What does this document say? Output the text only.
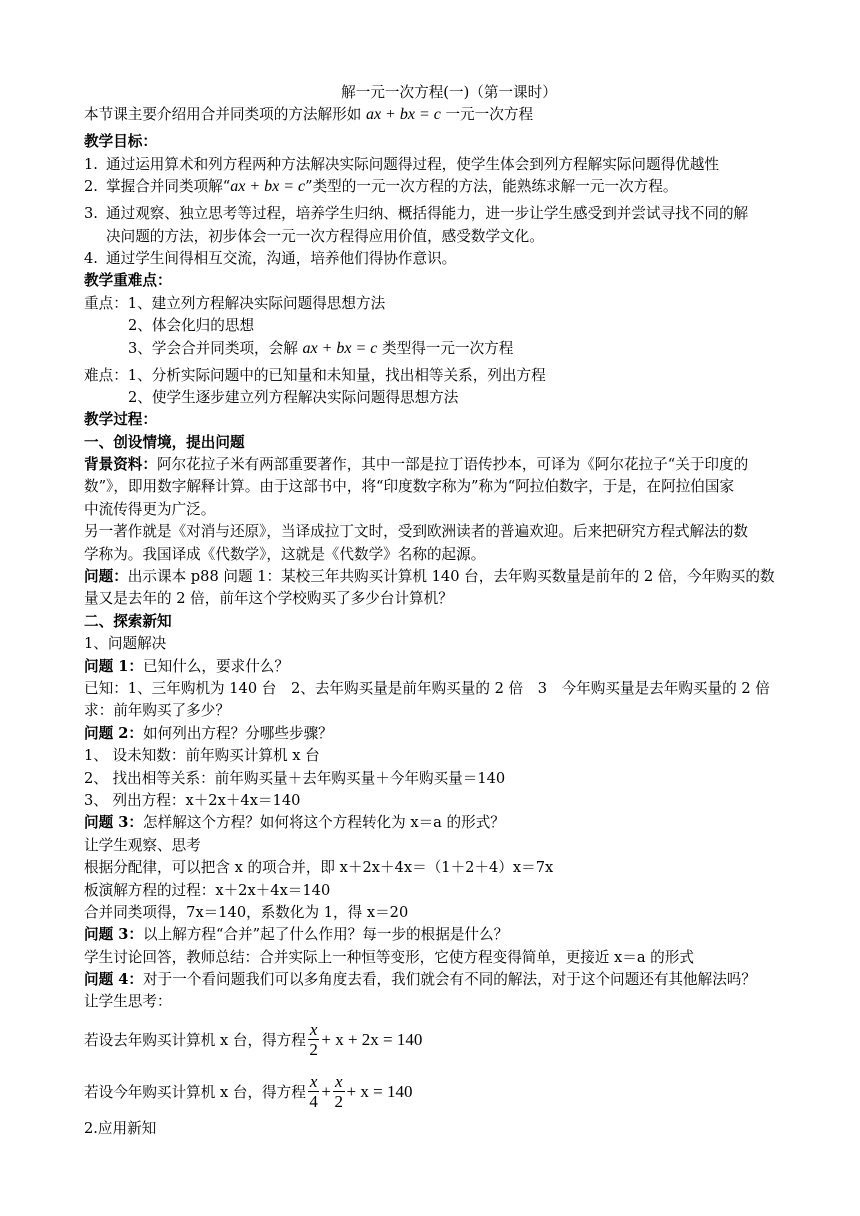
解一元一次方程(一)（第一课时）
本节课主要介绍用合并同类项的方法解形如 ax + bx = c 一元一次方程
教学目标：
1. 通过运用算术和列方程两种方法解决实际问题得过程，使学生体会到列方程解实际问题得优越性
2. 掌握合并同类项解“ax + bx = c”类型的一元一次方程的方法，能熟练求解一元一次方程。
3. 通过观察、独立思考等过程，培养学生归纳、概括得能力，进一步让学生感受到并尝试寻找不同的解
决问题的方法，初步体会一元一次方程得应用价值，感受数学文化。
4. 通过学生间得相互交流，沟通，培养他们得协作意识。
教学重难点：
重点：1、建立列方程解决实际问题得思想方法
2、体会化归的思想
3、学会合并同类项，会解 ax + bx = c 类型得一元一次方程
难点：1、分析实际问题中的已知量和未知量，找出相等关系，列出方程
2、使学生逐步建立列方程解决实际问题得思想方法
教学过程：
一、创设情境，提出问题
背景资料：阿尔花拉子米有两部重要著作，其中一部是拉丁语传抄本，可译为《阿尔花拉子“关于印度的
数”》，即用数字解释计算。由于这部书中，将“印度数字称为”称为“阿拉伯数字，于是，在阿拉伯国家
中流传得更为广泛。
另一著作就是《对消与还原》，当译成拉丁文时，受到欧洲读者的普遍欢迎。后来把研究方程式解法的数
学称为。我国译成《代数学》，这就是《代数学》名称的起源。
问题：出示课本 p88 问题 1：某校三年共购买计算机 140 台，去年购买数量是前年的 2 倍，今年购买的数
量又是去年的 2 倍，前年这个学校购买了多少台计算机？
二、探索新知
1、问题解决
问题 1：已知什么，要求什么？
已知：1、三年购机为 140 台　2、去年购买量是前年购买量的 2 倍　3　今年购买量是去年购买量的 2 倍
求：前年购买了多少？
问题 2：如何列出方程？分哪些步骤？
1、 设未知数：前年购买计算机 x 台
2、 找出相等关系：前年购买量＋去年购买量＋今年购买量＝140
3、 列出方程：x＋2x＋4x＝140
问题 3：怎样解这个方程？如何将这个方程转化为 x＝a 的形式？
让学生观察、思考
根据分配律，可以把含 x 的项合并，即 x＋2x＋4x＝（1＋2＋4）x＝7x
板演解方程的过程：x＋2x＋4x＝140
合并同类项得，7x＝140，系数化为 1，得 x＝20
问题 3：以上解方程“合并”起了什么作用？每一步的根据是什么？
学生讨论回答，教师总结：合并实际上一种恒等变形，它使方程变得简单，更接近 x＝a 的形式
问题 4：对于一个看问题我们可以多角度去看，我们就会有不同的解法，对于这个问题还有其他解法吗？
让学生思考：
若设去年购买计算机 x 台，得方程 $\frac{x}{2} + x + 2x = 140$
若设今年购买计算机 x 台，得方程 $\frac{x}{4} + \frac{x}{2} + x = 140$
2.应用新知
